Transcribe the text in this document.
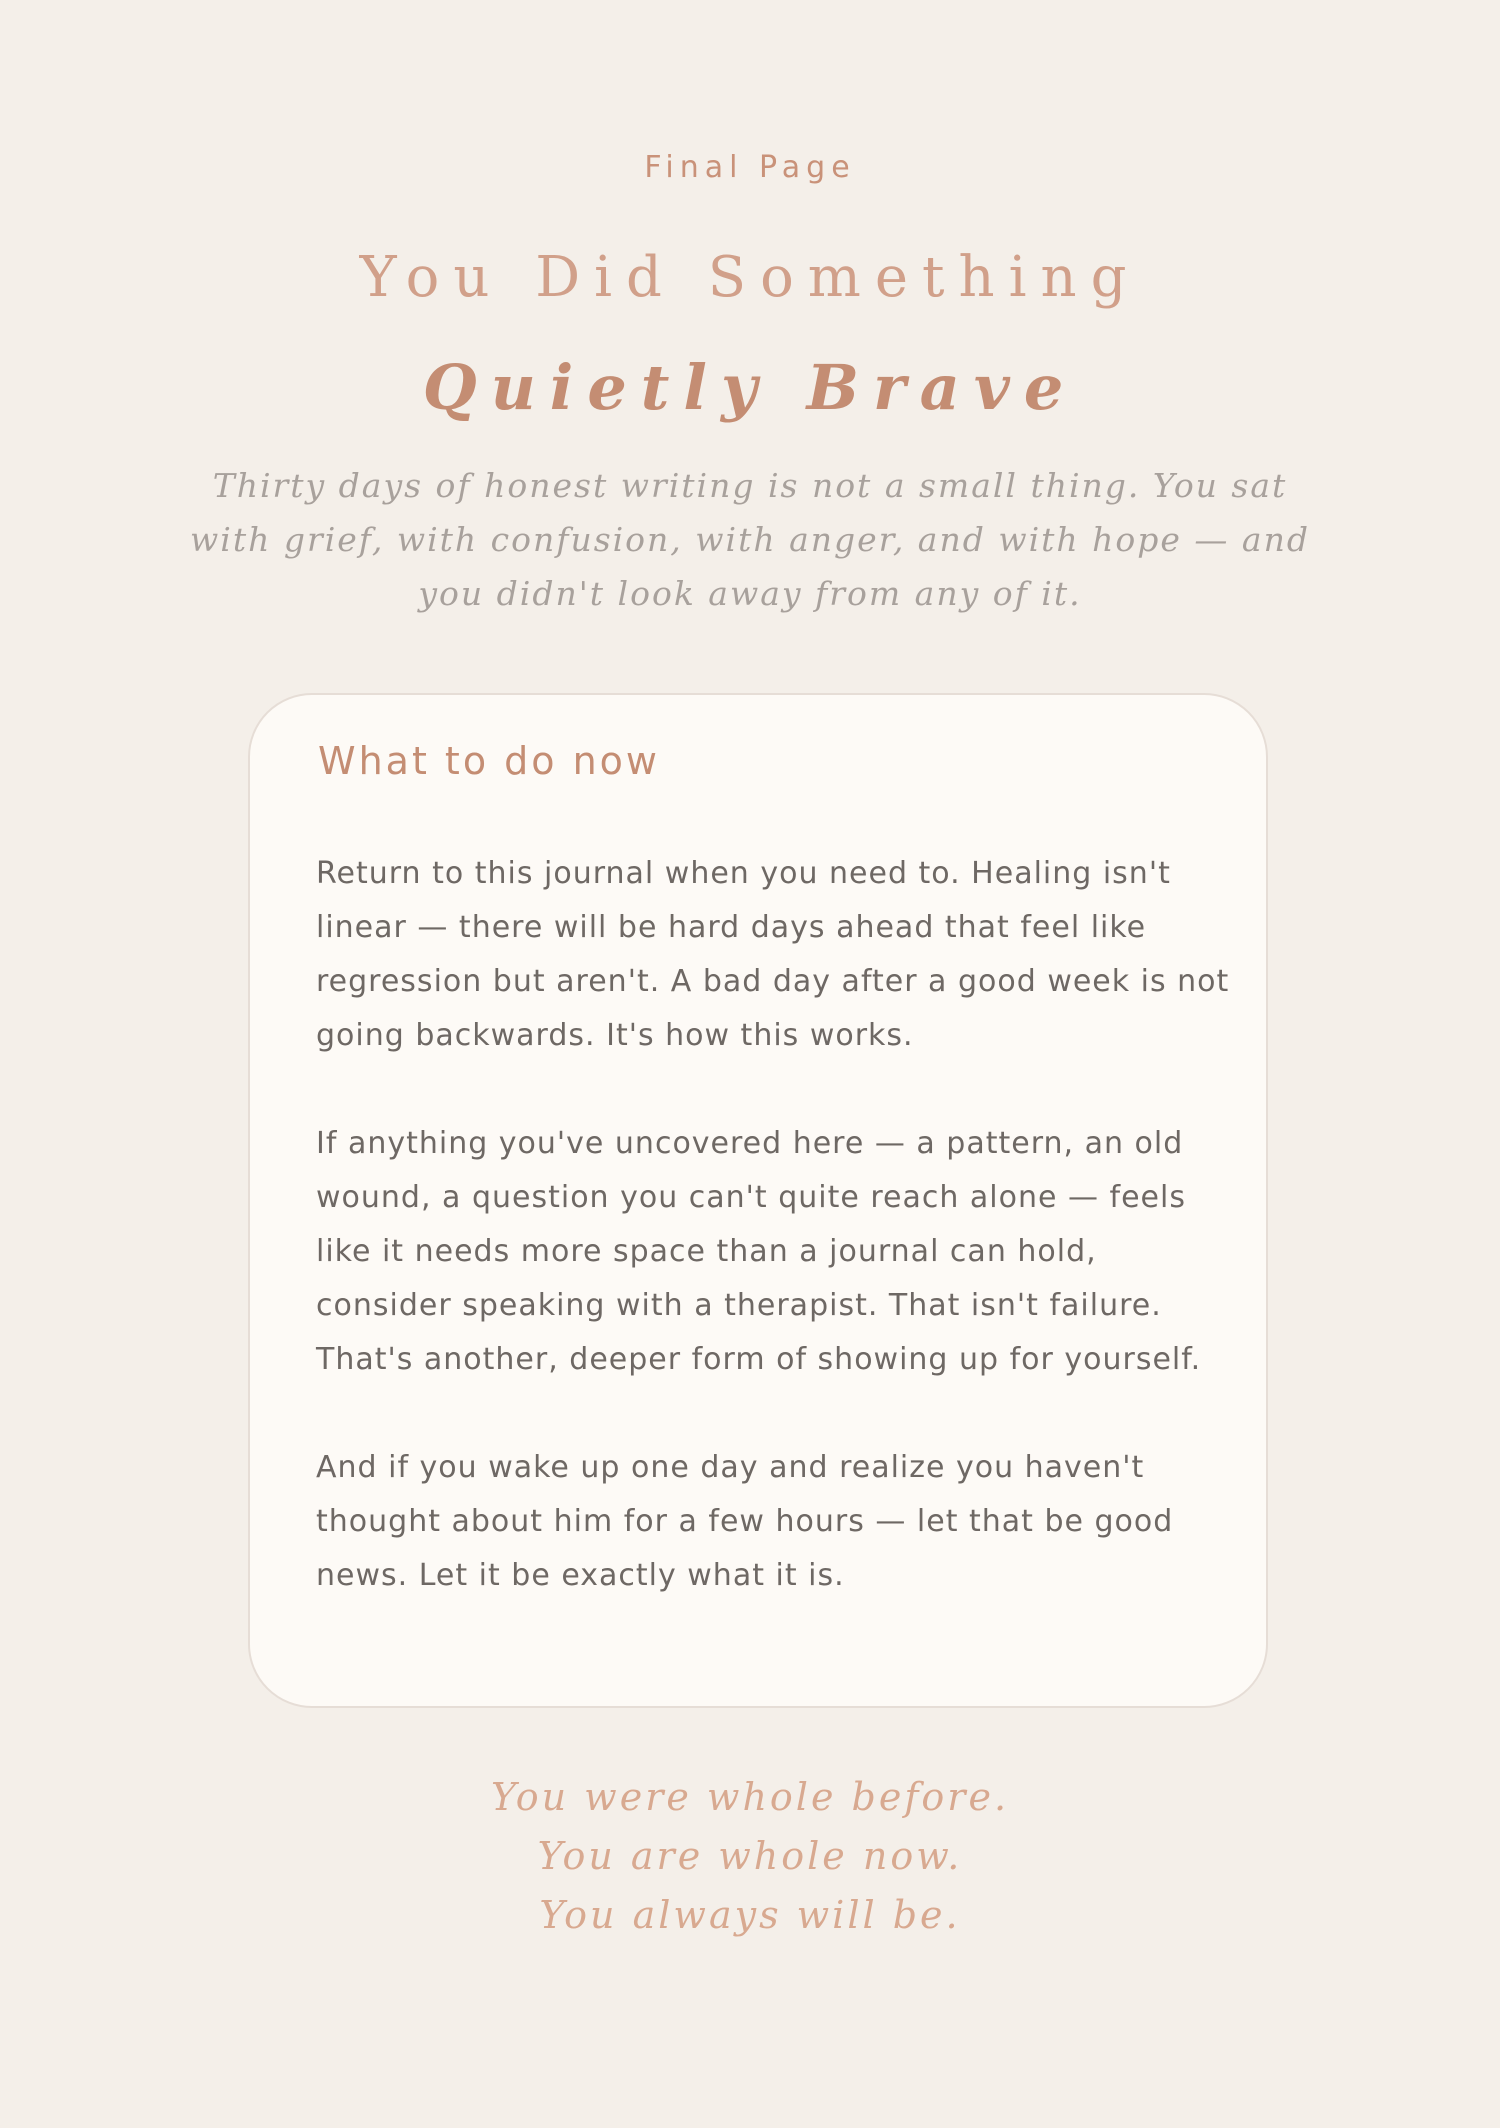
Final Page
You Did Something
Quietly Brave

Thirty days of honest writing is not a small thing. You sat with grief, with confusion, with anger, and with hope — and you didn't look away from any of it.

What to do now

Return to this journal when you need to. Healing isn't linear — there will be hard days ahead that feel like regression but aren't. A bad day after a good week is not going backwards. It's how this works.

If anything you've uncovered here — a pattern, an old wound, a question you can't quite reach alone — feels like it needs more space than a journal can hold, consider speaking with a therapist. That isn't failure. That's another, deeper form of showing up for yourself.

And if you wake up one day and realize you haven't thought about him for a few hours — let that be good news. Let it be exactly what it is.

You were whole before.
You are whole now.
You always will be.
